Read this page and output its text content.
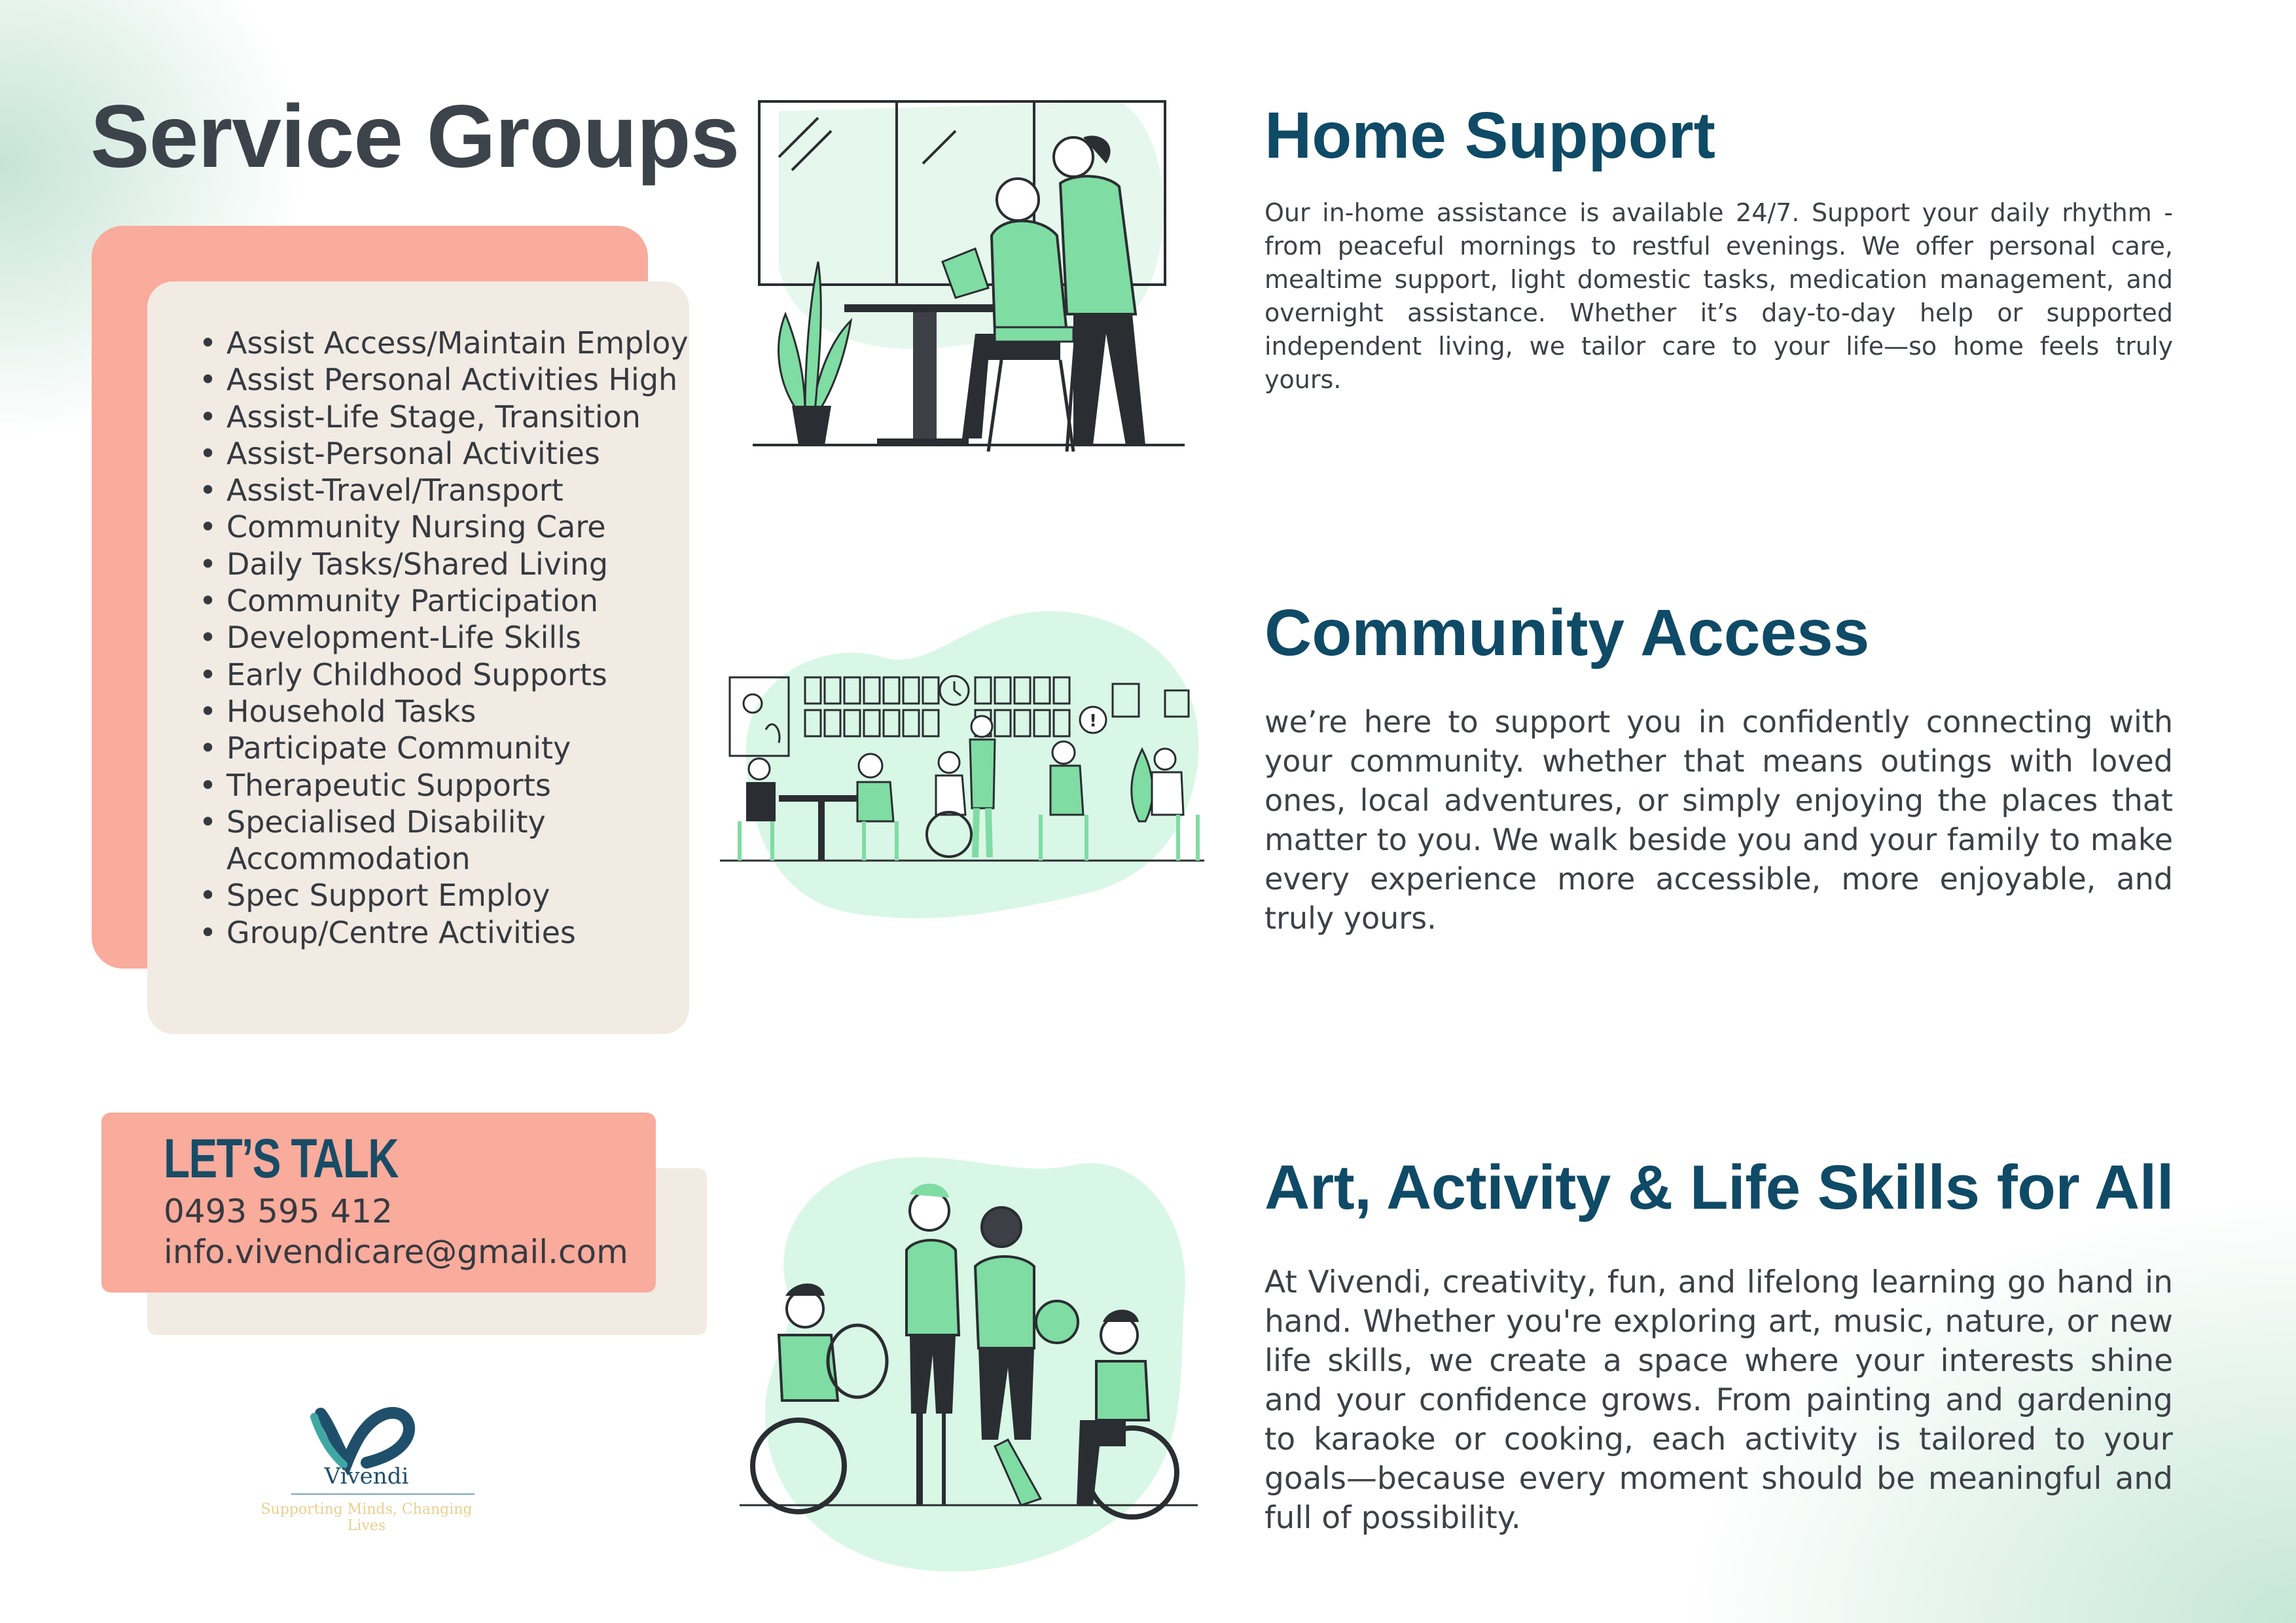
Service Groups
• Assist Access/Maintain Employ
• Assist Personal Activities High
• Assist-Life Stage, Transition
• Assist-Personal Activities
• Assist-Travel/Transport
• Community Nursing Care
• Daily Tasks/Shared Living
• Community Participation
• Development-Life Skills
• Early Childhood Supports
• Household Tasks
• Participate Community
• Therapeutic Supports
• Specialised Disability Accommodation
• Spec Support Employ
• Group/Centre Activities
LET’S TALK
0493 595 412
info.vivendicare@gmail.com
Vivendi
Supporting Minds, Changing Lives
!
Home Support
Our in-home assistance is available 24/7. Support your daily rhythm - from peaceful mornings to restful evenings. We offer personal care, mealtime support, light domestic tasks, medication management, and overnight assistance. Whether it’s day-to-day help or supported independent living, we tailor care to your life—so home feels truly yours.
Community Access
we’re here to support you in confidently connecting with your community. whether that means outings with loved ones, local adventures, or simply enjoying the places that matter to you. We walk beside you and your family to make every experience more accessible, more enjoyable, and truly yours.
Art, Activity & Life Skills for All
At Vivendi, creativity, fun, and lifelong learning go hand in hand. Whether you're exploring art, music, nature, or new life skills, we create a space where your interests shine and your confidence grows. From painting and gardening to karaoke or cooking, each activity is tailored to your goals—because every moment should be meaningful and full of possibility.
